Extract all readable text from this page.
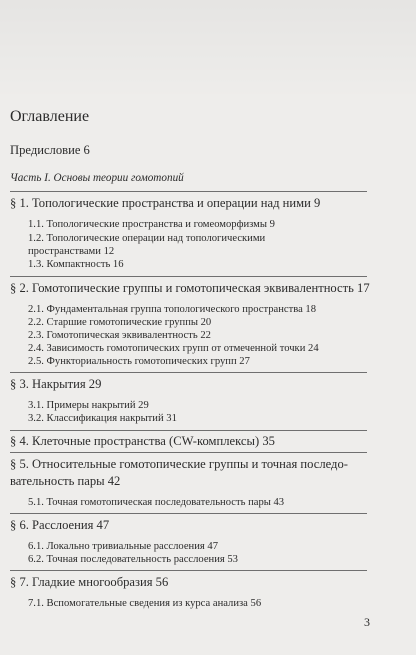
Оглавление
Предисловие 6
Часть I. Основы теории гомотопий
§ 1. Топологические пространства и операции над ними 9
1.1. Топологические пространства и гомеоморфизмы 9
1.2. Топологические операции над топологическими
пространствами 12
1.3. Компактность 16
§ 2. Гомотопические группы и гомотопическая эквивалентность 17
2.1. Фундаментальная группа топологического пространства 18
2.2. Старшие гомотопические группы 20
2.3. Гомотопическая эквивалентность 22
2.4. Зависимость гомотопических групп от отмеченной точки 24
2.5. Функториальность гомотопических групп 27
§ 3. Накрытия 29
3.1. Примеры накрытий 29
3.2. Классификация накрытий 31
§ 4. Клеточные пространства (CW-комплексы) 35
§ 5. Относительные гомотопические группы и точная последо-
вательность пары 42
5.1. Точная гомотопическая последовательность пары 43
§ 6. Расслоения 47
6.1. Локально тривиальные расслоения 47
6.2. Точная последовательность расслоения 53
§ 7. Гладкие многообразия 56
7.1. Вспомогательные сведения из курса анализа 56
3
